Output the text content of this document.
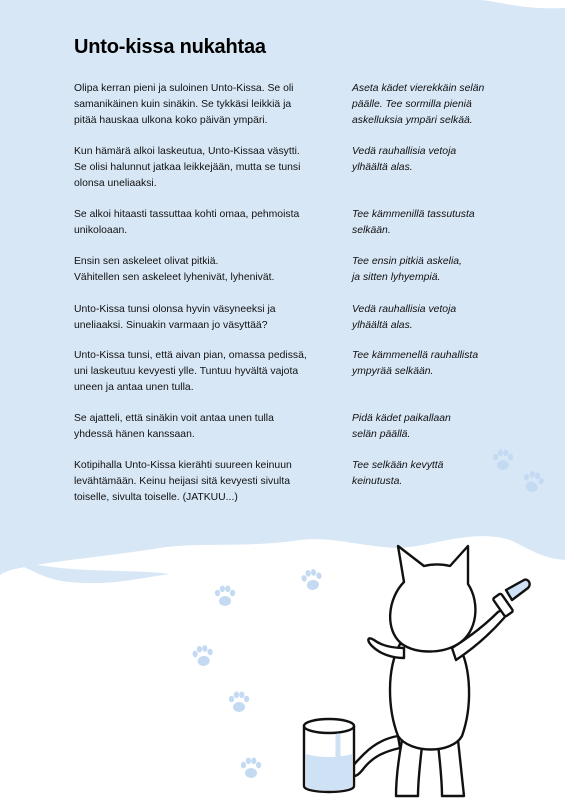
Unto-kissa nukahtaa
Olipa kerran pieni ja suloinen Unto-Kissa. Se oli
samanikäinen kuin sinäkin. Se tykkäsi leikkiä ja
pitää hauskaa ulkona koko päivän ympäri.
Aseta kädet vierekkäin selän
päälle. Tee sormilla pieniä
askelluksia ympäri selkää.
Kun hämärä alkoi laskeutua, Unto-Kissaa väsytti.
Se olisi halunnut jatkaa leikkejään, mutta se tunsi
olonsa uneliaaksi.
Vedä rauhallisia vetoja
ylhäältä alas.
Se alkoi hitaasti tassuttaa kohti omaa, pehmoista
unikoloaan.
Tee kämmenillä tassutusta
selkään.
Ensin sen askeleet olivat pitkiä.
Vähitellen sen askeleet lyhenivät, lyhenivät.
Tee ensin pitkiä askelia,
ja sitten lyhyempiä.
Unto-Kissa tunsi olonsa hyvin väsyneeksi ja
uneliaaksi. Sinuakin varmaan jo väsyttää?
Vedä rauhallisia vetoja
ylhäältä alas.
Unto-Kissa tunsi, että aivan pian, omassa pedissä,
uni laskeutuu kevyesti ylle. Tuntuu hyvältä vajota
uneen ja antaa unen tulla.
Tee kämmenellä rauhallista
ympyrää selkään.
Se ajatteli, että sinäkin voit antaa unen tulla
yhdessä hänen kanssaan.
Pidä kädet paikallaan
selän päällä.
Kotipihalla Unto-Kissa kierähti suureen keinuun
levähtämään. Keinu heijasi sitä kevyesti sivulta
toiselle, sivulta toiselle. (JATKUU...)
Tee selkään kevyttä
keinutusta.
